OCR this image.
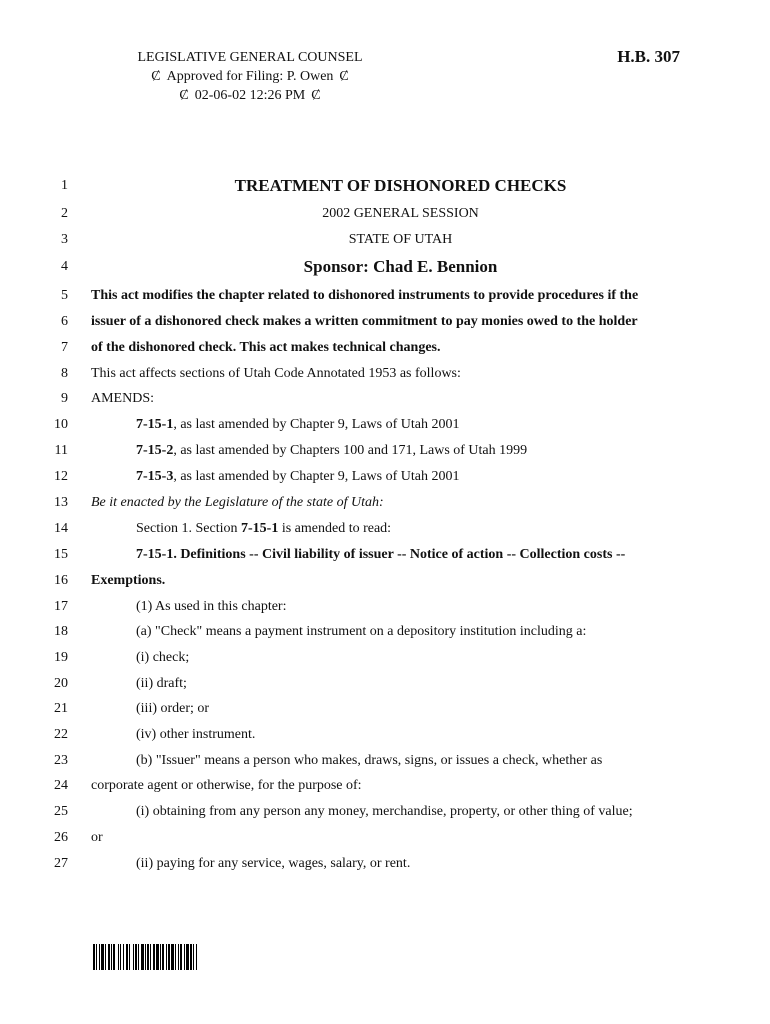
LEGISLATIVE GENERAL COUNSEL
Ȼ Approved for Filing: P. Owen Ȼ
Ȼ 02-06-02 12:26 PM Ȼ
H.B. 307
1	TREATMENT OF DISHONORED CHECKS
2	2002 GENERAL SESSION
3	STATE OF UTAH
4	Sponsor: Chad E. Bennion
5 This act modifies the chapter related to dishonored instruments to provide procedures if the
6 issuer of a dishonored check makes a written commitment to pay monies owed to the holder
7 of the dishonored check. This act makes technical changes.
8 This act affects sections of Utah Code Annotated 1953 as follows:
9 AMENDS:
10	7-15-1, as last amended by Chapter 9, Laws of Utah 2001
11	7-15-2, as last amended by Chapters 100 and 171, Laws of Utah 1999
12	7-15-3, as last amended by Chapter 9, Laws of Utah 2001
13 Be it enacted by the Legislature of the state of Utah:
14	Section 1. Section 7-15-1 is amended to read:
15	7-15-1. Definitions -- Civil liability of issuer -- Notice of action -- Collection costs --
16 Exemptions.
17	(1) As used in this chapter:
18	(a) "Check" means a payment instrument on a depository institution including a:
19	(i) check;
20	(ii) draft;
21	(iii) order; or
22	(iv) other instrument.
23	(b) "Issuer" means a person who makes, draws, signs, or issues a check, whether as
24 corporate agent or otherwise, for the purpose of:
25	(i) obtaining from any person any money, merchandise, property, or other thing of value;
26 or
27	(ii) paying for any service, wages, salary, or rent.
